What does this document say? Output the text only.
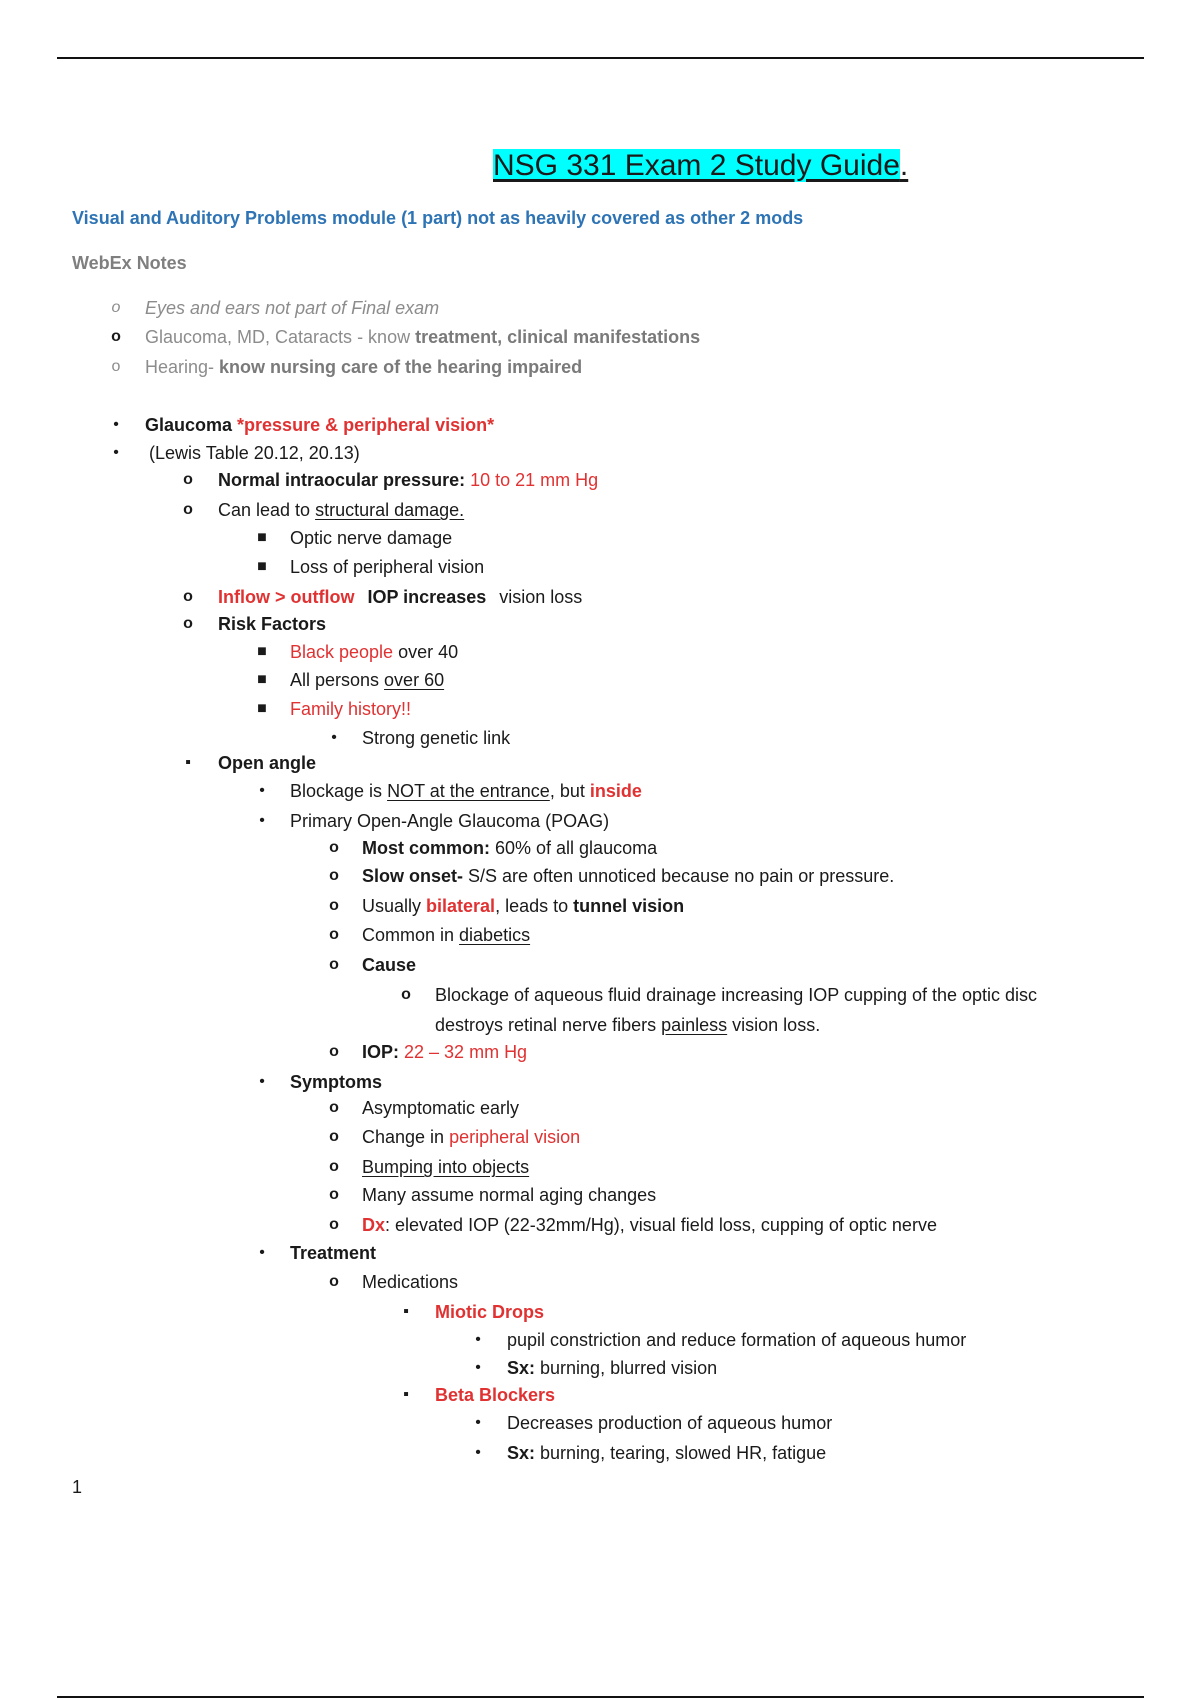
NSG 331 Exam 2 Study Guide.
Visual and Auditory Problems module (1 part) not as heavily covered as other 2 mods
WebEx Notes
o	Eyes and ears not part of Final exam
o Glaucoma, MD, Cataracts - know treatment, clinical manifestations
o	Hearing- know nursing care of the hearing impaired
•	Glaucoma *pressure & peripheral vision*
•	(Lewis Table 20.12, 20.13)
o Normal intraocular pressure: 10 to 21 mm Hg
o Can lead to structural damage.
■ Optic nerve damage
■ Loss of peripheral vision
o Inflow > outflow IOP increases vision loss
o Risk Factors
■ Black people over 40
■ All persons over 60
■ Family history!!
•	Strong genetic link
▪	Open angle
•	Blockage is NOT at the entrance, but inside
•	Primary Open-Angle Glaucoma (POAG)
o Most common: 60% of all glaucoma
o Slow onset- S/S are often unnoticed because no pain or pressure.
o Usually bilateral, leads to tunnel vision
o Common in diabetics
o Cause
o Blockage of aqueous fluid drainage increasing IOP cupping of the optic disc
destroys retinal nerve fibers painless vision loss.
o IOP: 22 – 32 mm Hg
•	Symptoms
o Asymptomatic early
o Change in peripheral vision
o Bumping into objects
o Many assume normal aging changes
o Dx: elevated IOP (22-32mm/Hg), visual field loss, cupping of optic nerve
•	Treatment
o Medications
▪	Miotic Drops
•	pupil constriction and reduce formation of aqueous humor
•	Sx: burning, blurred vision
▪	Beta Blockers
•	Decreases production of aqueous humor
•	Sx: burning, tearing, slowed HR, fatigue
1
